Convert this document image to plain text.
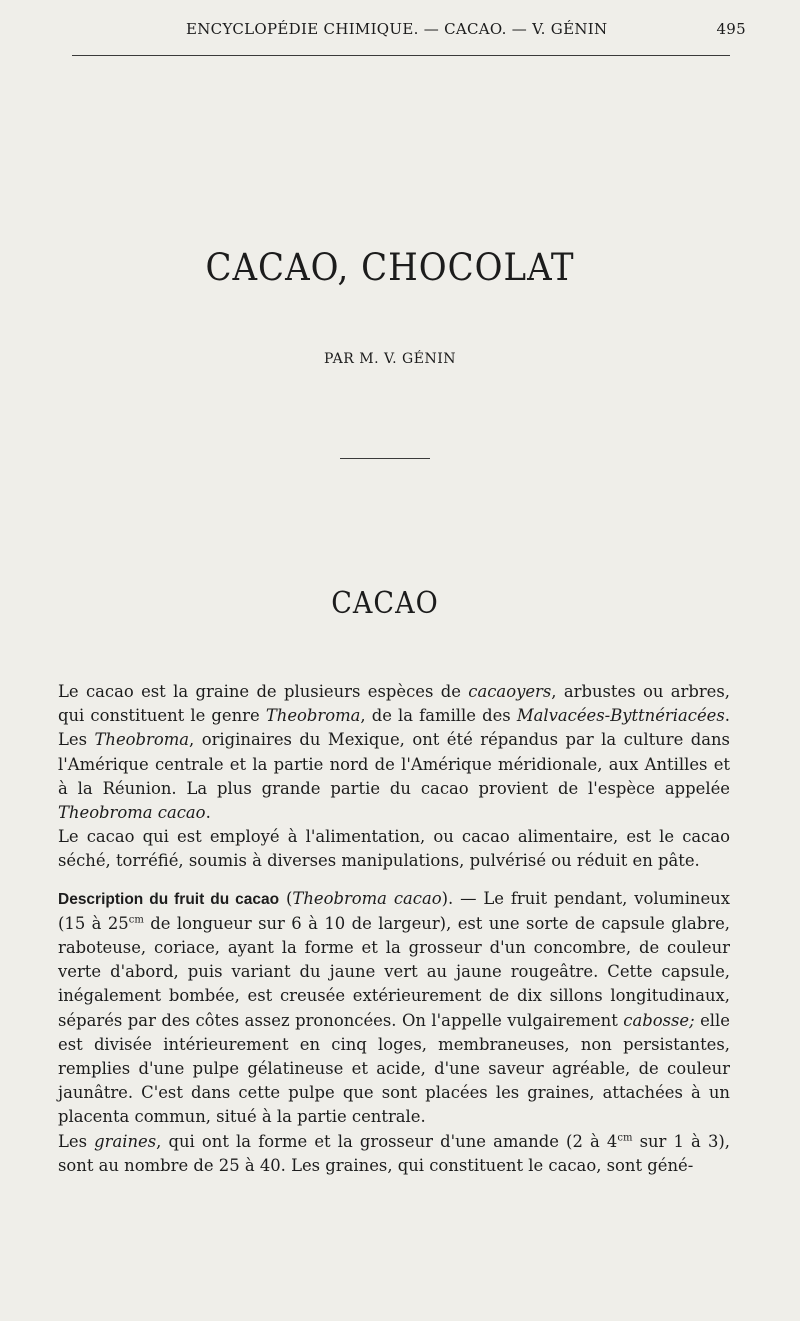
ENCYCLOPÉDIE CHIMIQUE. — CACAO. — V. GÉNIN	495
CACAO, CHOCOLAT
PAR M. V. GÉNIN
CACAO

Le cacao est la graine de plusieurs espèces de cacaoyers, arbustes ou arbres, qui constituent le genre Theobroma, de la famille des Malvacées-Byttnériacées. Les Theobroma, originaires du Mexique, ont été répandus par la culture dans l'Amérique centrale et la partie nord de l'Amérique méridionale, aux Antilles et à la Réunion. La plus grande partie du cacao provient de l'espèce appelée Theobroma cacao.

Le cacao qui est employé à l'alimentation, ou cacao alimentaire, est le cacao séché, torréfié, soumis à diverses manipulations, pulvérisé ou réduit en pâte.

Description du fruit du cacao (Theobroma cacao). — Le fruit pendant, volumineux (15 à $25^{cm}$ de longueur sur 6 à 10 de largeur), est une sorte de capsule glabre, raboteuse, coriace, ayant la forme et la grosseur d'un concombre, de couleur verte d'abord, puis variant du jaune vert au jaune rougeâtre. Cette capsule, inégalement bombée, est creusée extérieurement de dix sillons longitudinaux, séparés par des côtes assez prononcées. On l'appelle vulgairement cabosse; elle est divisée intérieurement en cinq loges, membraneuses, non persistantes, remplies d'une pulpe gélatineuse et acide, d'une saveur agréable, de couleur jaunâtre. C'est dans cette pulpe que sont placées les graines, attachées à un placenta commun, situé à la partie centrale.

Les graines, qui ont la forme et la grosseur d'une amande (2 à $4^{cm}$ sur 1 à 3), sont au nombre de 25 à 40. Les graines, qui constituent le cacao, sont géné-
